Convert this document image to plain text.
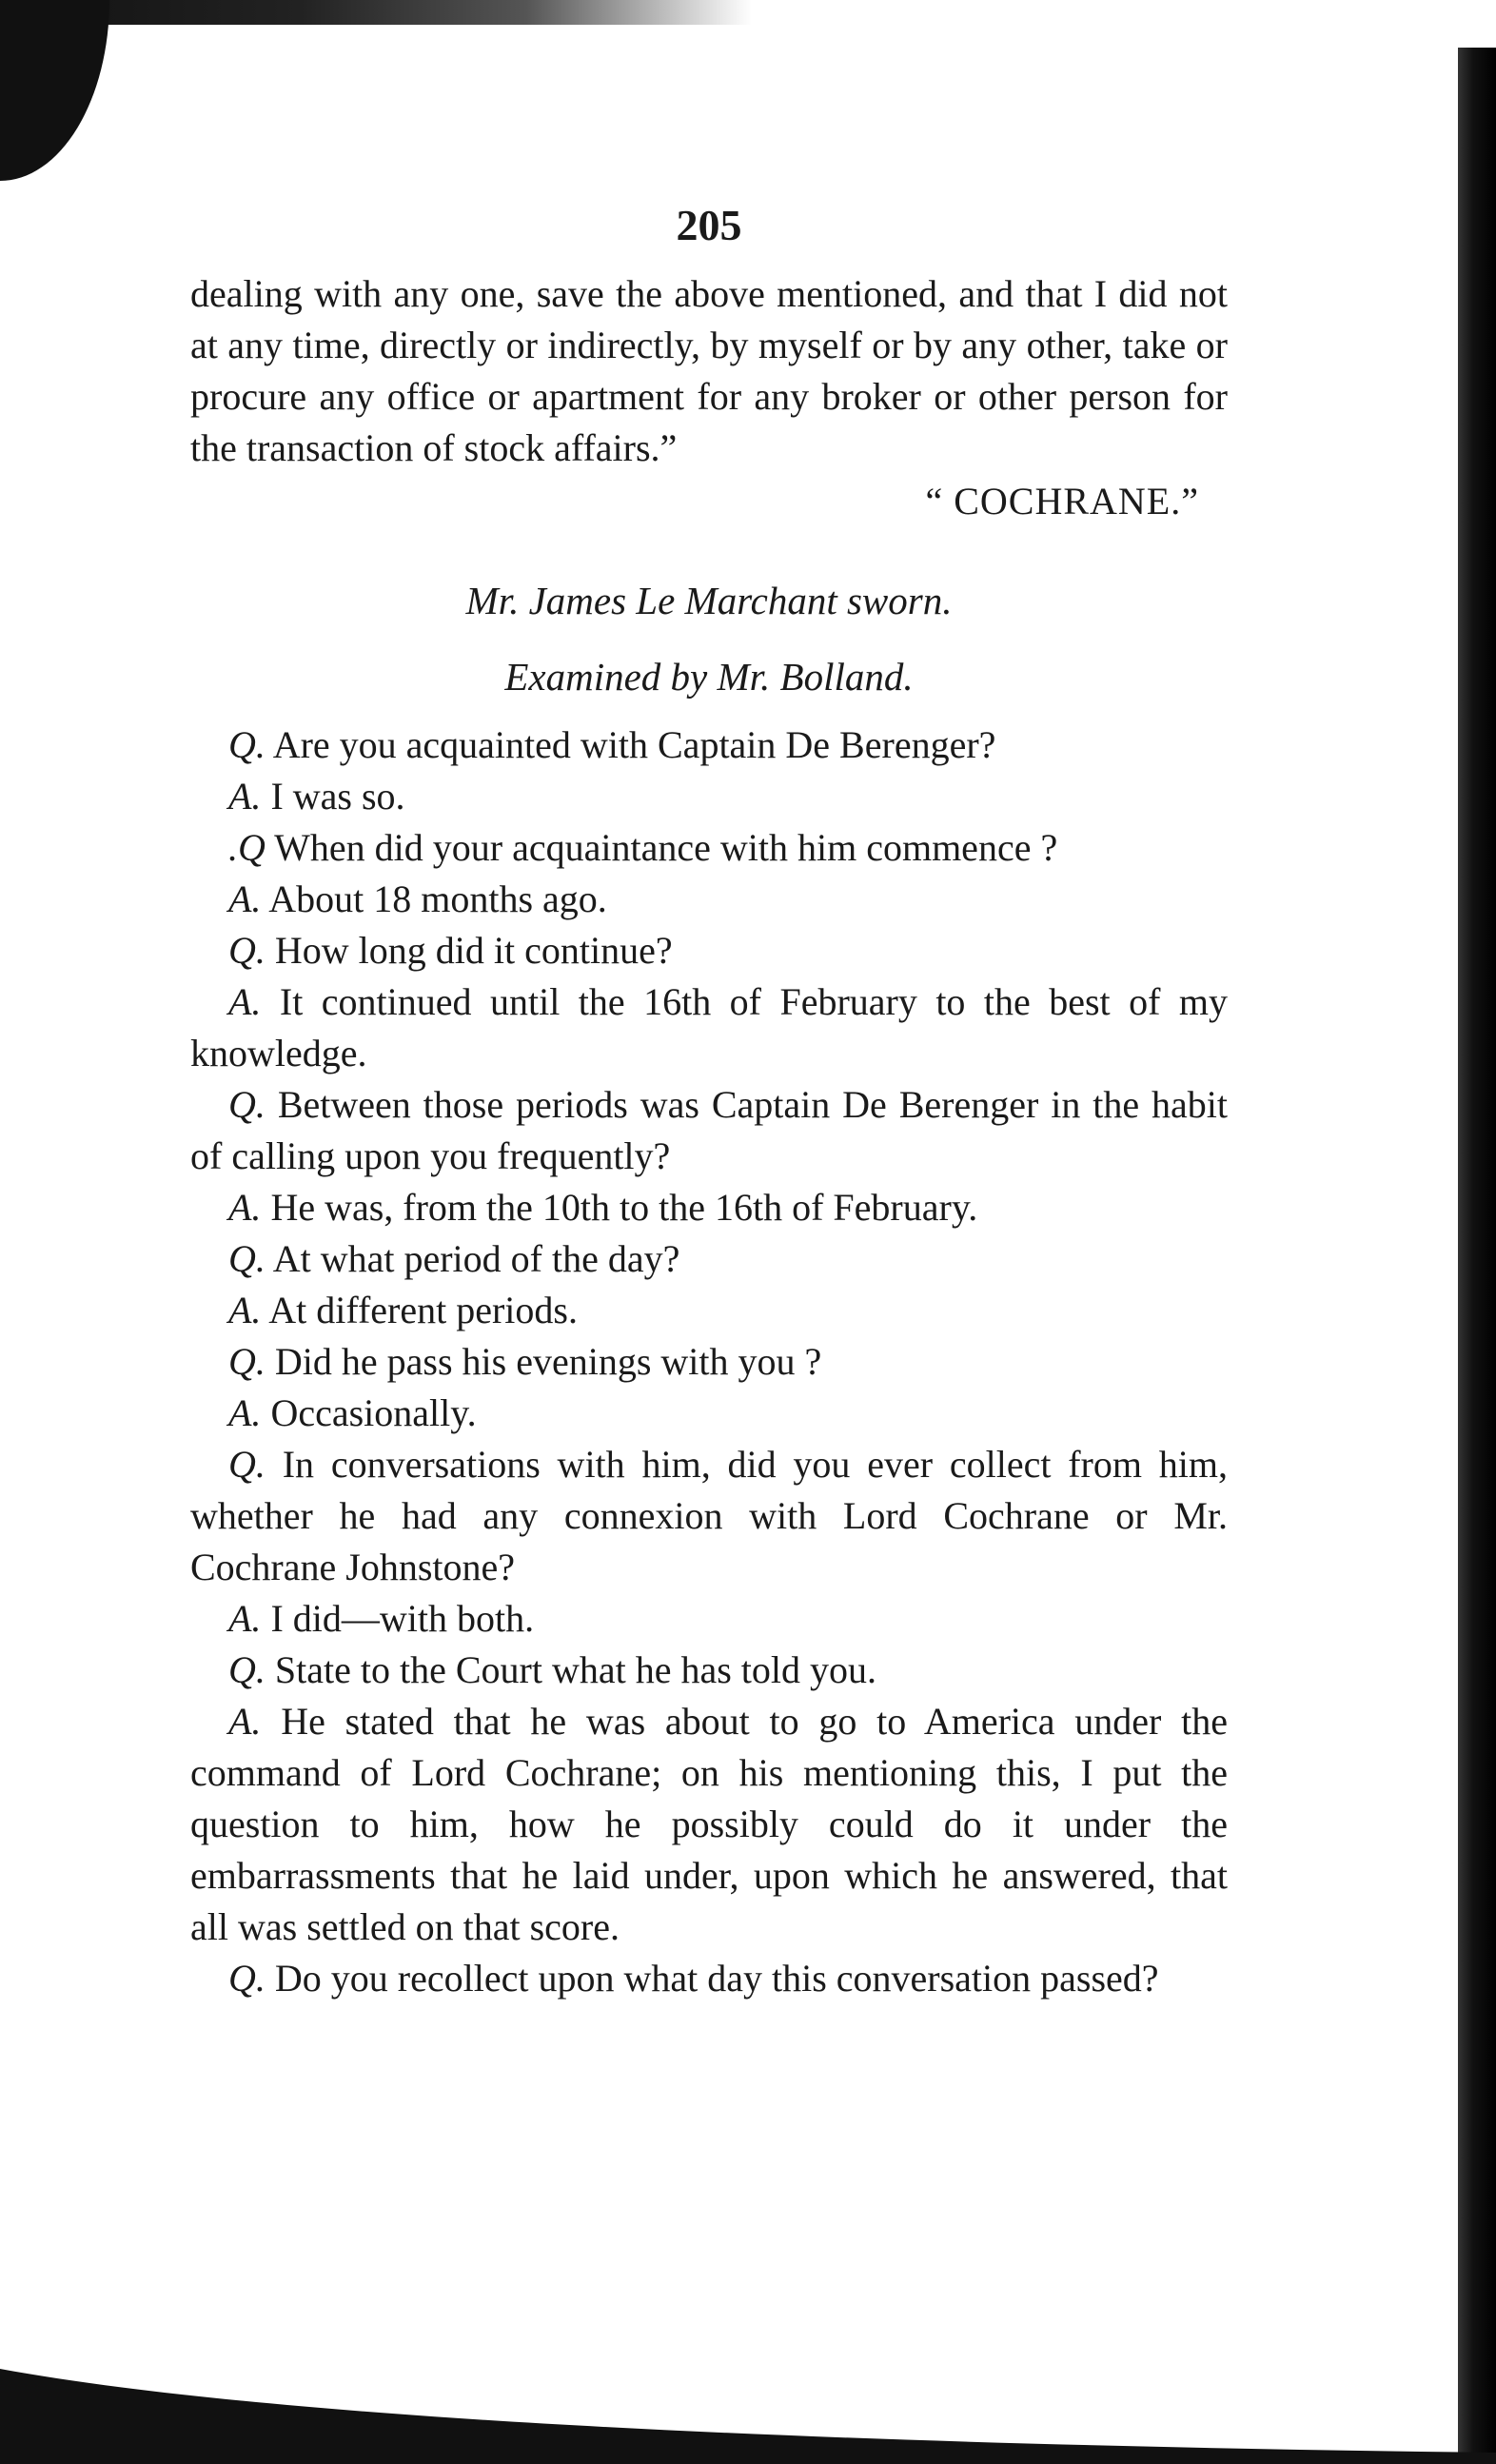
205

dealing with any one, save the above mentioned, and that I did not at any time, directly or indirectly, by myself or by any other, take or procure any office or apartment for any broker or other person for the transaction of stock affairs.”

“ COCHRANE.”
Mr. James Le Marchant sworn.
Examined by Mr. Bolland.

Q. Are you acquainted with Captain De Berenger?

A. I was so.

.Q When did your acquaintance with him commence ?

A. About 18 months ago.

Q. How long did it continue?

A. It continued until the 16th of February to the best of my knowledge.

Q. Between those periods was Captain De Berenger in the habit of calling upon you frequently?

A. He was, from the 10th to the 16th of February.

Q. At what period of the day?

A. At different periods.

Q. Did he pass his evenings with you ?

A. Occasionally.

Q. In conversations with him, did you ever collect from him, whether he had any connexion with Lord Cochrane or Mr. Cochrane Johnstone?

A. I did—with both.

Q. State to the Court what he has told you.

A. He stated that he was about to go to America under the command of Lord Cochrane; on his mentioning this, I put the question to him, how he possibly could do it under the embarrassments that he laid under, upon which he answered, that all was settled on that score.

Q. Do you recollect upon what day this conversation passed?
